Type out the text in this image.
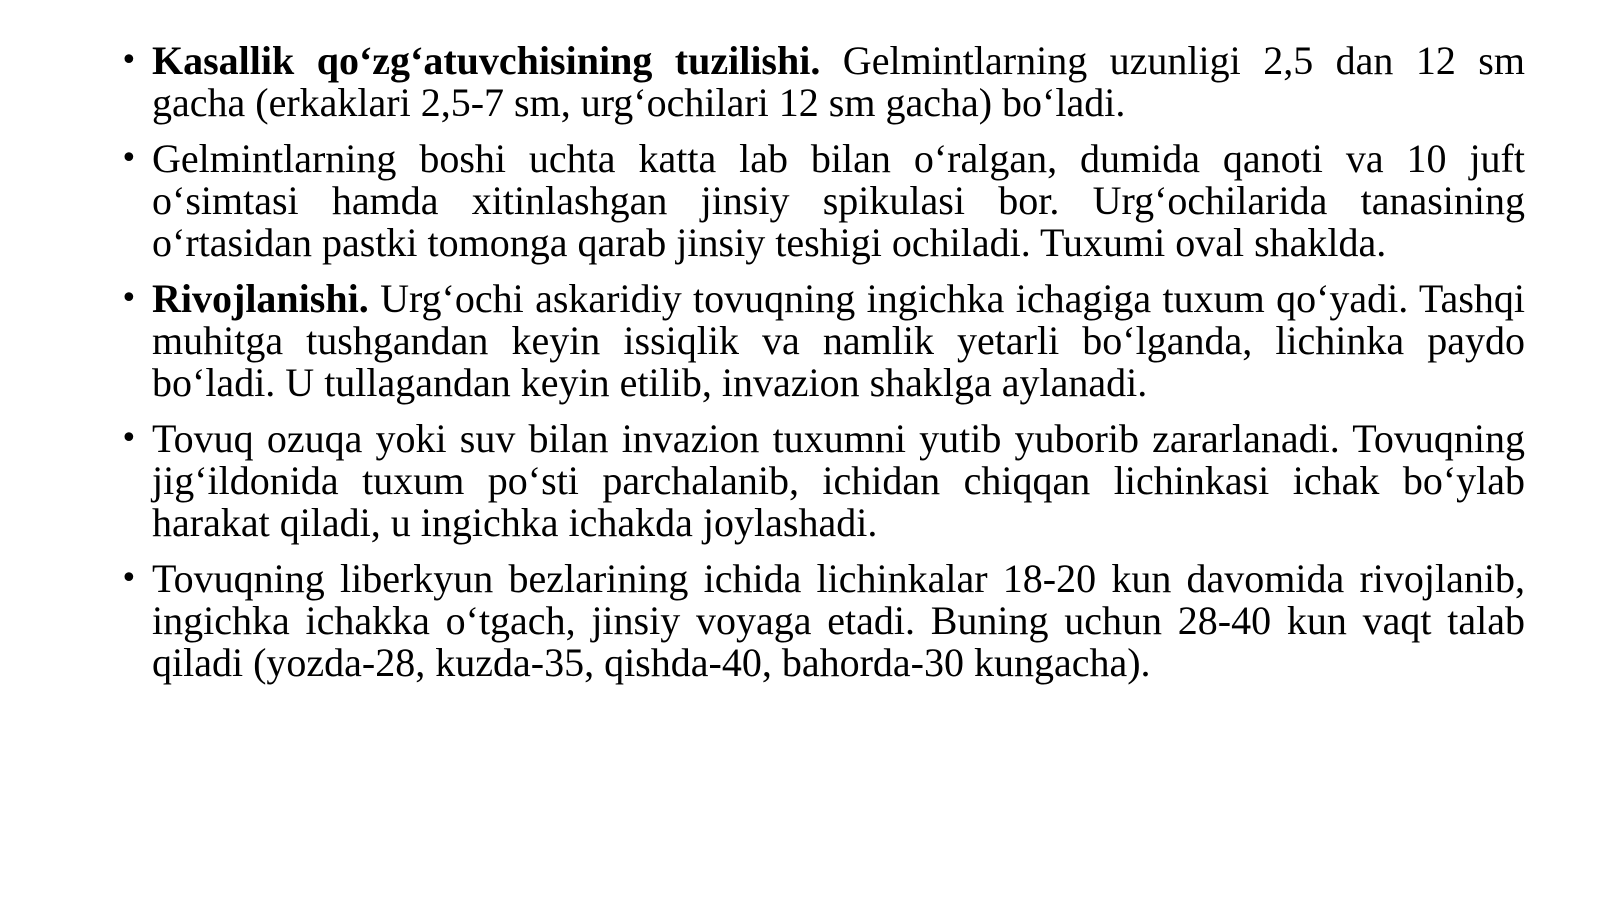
• Kasallik qo‘zg‘atuvchisining tuzilishi. Gelmintlarning uzunligi 2,5 dan 12 sm gacha (erkaklari 2,5-7 sm, urg‘ochilari 12 sm gacha) bo‘ladi.
• Gelmintlarning boshi uchta katta lab bilan o‘ralgan, dumida qanoti va 10 juft o‘simtasi hamda xitinlashgan jinsiy spikulasi bor. Urg‘ochilarida tanasining o‘rtasidan pastki tomonga qarab jinsiy teshigi ochiladi. Tuxumi oval shakldа.
• Rivojlanishi. Urg‘ochi askaridiy tovuqning ingichka ichagiga tuxum qo‘yadi. Tashqi muhitga tushgandan keyin issiqlik va namlik yetarli bo‘lganda, lichinka paydo bo‘ladi. U tullagandan keyin etilib, invazion shaklga aylanadi.
• Tovuq ozuqa yoki suv bilan invazion tuxumni yutib yuborib zararlanadi. Tovuqning jig‘ildonida tuxum po‘sti parchalanib, ichidan chiqqan lichinkasi ichak bo‘ylab harakat qiladi, u ingichka ichakda joylashadi.
• Tovuqning liberkyun bezlarining ichida lichinkalar 18-20 kun davomida rivojlanib, ingichka ichakka o‘tgach, jinsiy voyaga etadi. Buning uchun 28-40 kun vaqt talab qiladi (yozda-28, kuzda-35, qishda-40, bahorda-30 kungacha).
